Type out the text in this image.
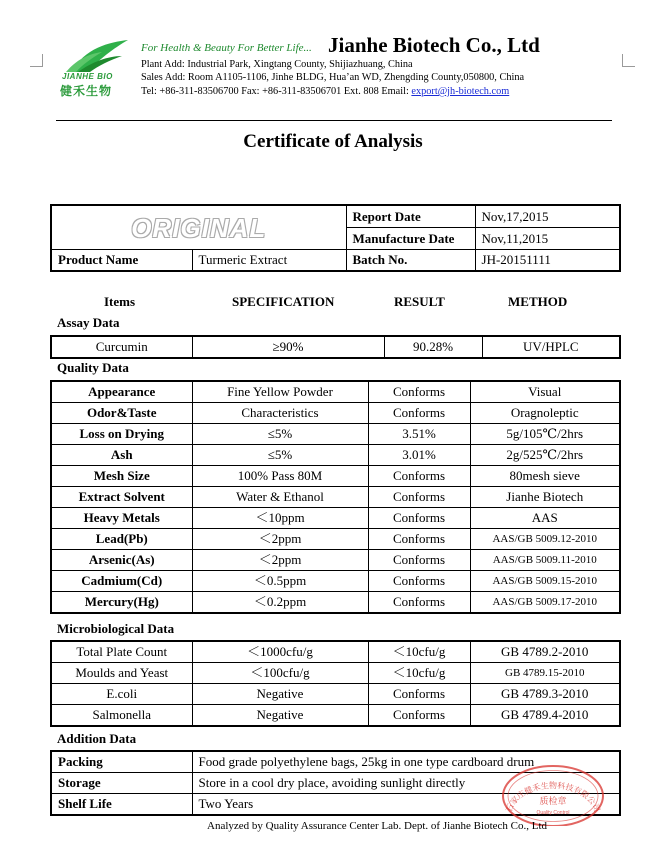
JIANHE BIO
健禾生物
For Health & Beauty For Better Life... Jianhe Biotech Co., Ltd
Plant Add: Industrial Park, Xingtang County, Shijiazhuang, China
Sales Add: Room A1105-1106, Jinhe BLDG, Hua’an WD, Zhengding County,050800, China
Tel: +86-311-83506700 Fax: +86-311-83506701 Ext. 808 Email: export@jh-biotech.com
Certificate of Analysis
ORIGINAL		Report Date	Nov,17,2015
		Manufacture Date	Nov,11,2015
Product Name	Turmeric Extract	Batch No.	JH-20151111
Items	SPECIFICATION	RESULT	METHOD
Assay Data
Curcumin	≥90%	90.28%	UV/HPLC
Quality Data
Appearance	Fine Yellow Powder	Conforms	Visual
Odor&Taste	Characteristics	Conforms	Oragnoleptic
Loss on Drying	≤5%	3.51%	5g/105℃/2hrs
Ash	≤5%	3.01%	2g/525℃/2hrs
Mesh Size	100% Pass 80M	Conforms	80mesh sieve
Extract Solvent	Water & Ethanol	Conforms	Jianhe Biotech
Heavy Metals	＜10ppm	Conforms	AAS
Lead(Pb)	＜2ppm	Conforms	AAS/GB 5009.12-2010
Arsenic(As)	＜2ppm	Conforms	AAS/GB 5009.11-2010
Cadmium(Cd)	＜0.5ppm	Conforms	AAS/GB 5009.15-2010
Mercury(Hg)	＜0.2ppm	Conforms	AAS/GB 5009.17-2010
Microbiological Data
Total Plate Count	＜1000cfu/g	＜10cfu/g	GB 4789.2-2010
Moulds and Yeast	＜100cfu/g	＜10cfu/g	GB 4789.15-2010
E.coli	Negative	Conforms	GB 4789.3-2010
Salmonella	Negative	Conforms	GB 4789.4-2010
Addition Data
Packing	Food grade polyethylene bags, 25kg in one type cardboard drum
Storage	Store in a cool dry place, avoiding sunlight directly
Shelf Life	Two Years	石家庄健禾生物科技有限公司
质检章
Quality Control
Analyzed by Quality Assurance Center Lab. Dept. of Jianhe Biotech Co., Ltd
